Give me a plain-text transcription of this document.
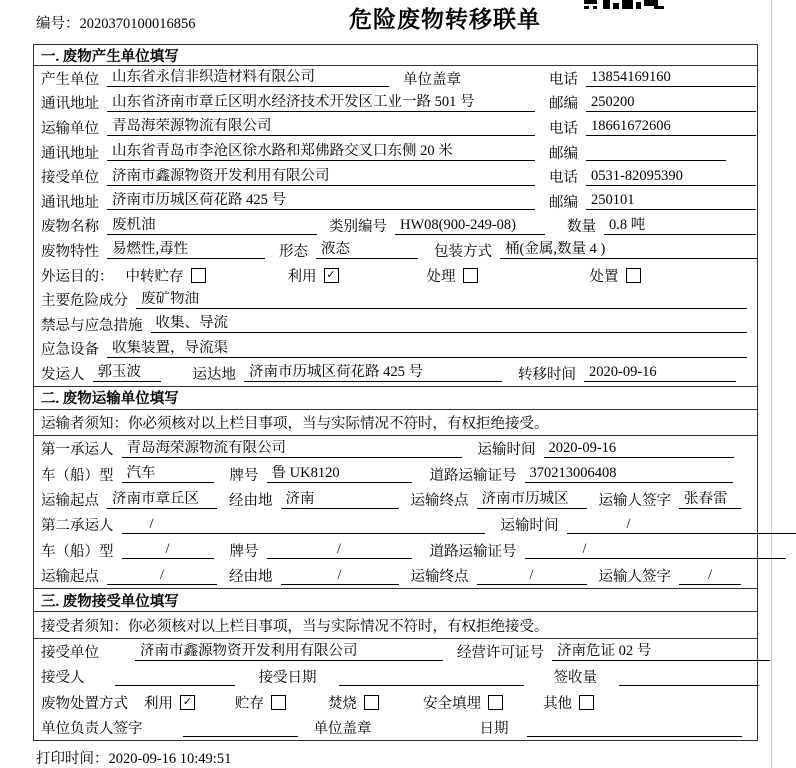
编号：2020370100016856	危险废物转移联单
一. 废物产生单位填写
产生单位 山东省永信非织造材料有限公司	单位盖章	电话 13854169160
通讯地址 山东省济南市章丘区明水经济技术开发区工业一路 501 号	邮编 250200
运输单位 青岛海荣源物流有限公司	电话 18661672606
通讯地址 山东省青岛市李沧区徐水路和郑佛路交叉口东侧 20 米	邮编
接受单位 济南市鑫源物资开发利用有限公司	电话 0531-82095390
通讯地址 济南市历城区荷花路 425 号	邮编 250101
废物名称 废机油	类别编号 HW08(900-249-08)	数量 0.8 吨
废物特性 易燃性,毒性	形态 液态	包装方式 桶(金属,数量 4 )
外运目的： 中转贮存	利用 ✓	处理	处置
主要危险成分 废矿物油
禁忌与应急措施 收集、导流
应急设备 收集装置，导流渠
发运人 郭玉波	运达地 济南市历城区荷花路 425 号	转移时间 2020-09-16
二. 废物运输单位填写
运输者须知：你必须核对以上栏目事项，当与实际情况不符时，有权拒绝接受。
第一承运人 青岛海荣源物流有限公司	运输时间 2020-09-16
车（船）型 汽车	牌号 鲁 UK8120	道路运输证号 370213006408
运输起点 济南市章丘区	经由地 济南	运输终点 济南市历城区	运输人签字 张春雷
第二承运人	/	运输时间	/
车（船）型	/	牌号	/	道路运输证号	/
运输起点	/	经由地	/	运输终点	/	运输人签字	/
三. 废物接受单位填写
接受者须知：你必须核对以上栏目事项，当与实际情况不符时，有权拒绝接受。
接受单位	济南市鑫源物资开发利用有限公司	经营许可证号 济南危证 02 号
接受人	接受日期	签收量
废物处置方式 利用 ✓	贮存	焚烧	安全填埋	其他
单位负责人签字	单位盖章	日期
打印时间：2020-09-16 10:49:51
